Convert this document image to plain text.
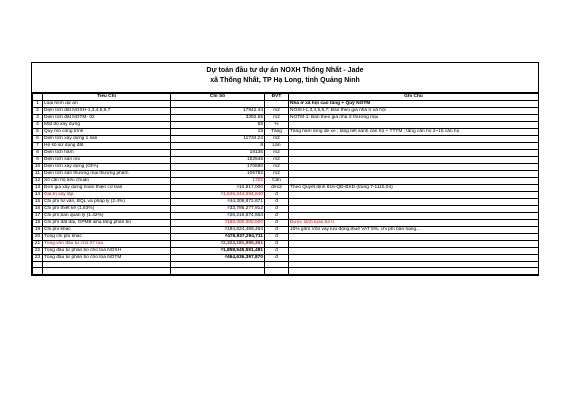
Dự toán đầu tư dự án NOXH Thống Nhất - Jade
xã Thống Nhất, TP Hạ Long, tỉnh Quảng Ninh
	Tiêu Chí	Chỉ Số	ĐVT	Ghi Chú
1	Loại hình dự án			Nhà ở xã hội cao tầng + Quỹ NOTM
2	Diện tích đất NOXH-1,3,4,5,6,7	17942.44	m2	NOXH-1,3,4,5,6,7: Bán theo giá nhà ở xã hội
3	Diện tích đất NOTM- 02	3392.55	m2	NOTM-1: Bán theo giá nhà ở thương mại
4	Mật độ xây dựng	55	%	
5	Quy mô công trình	15	Tầng	Tầng hầm lửng để xe ; tầng tiết sảnh căn hộ + TTTM ; tầng căn hộ 3~15 căn hộ
6	Diện tích xây dựng 1 sàn	11734.24	m2	
7	Hệ số sử dụng đất	8	Lần	
8	Diện tích hầm	18135	m2	
9	Diện tích sàn nổi	152545	m2	
10	Diện tích xây dựng (GFA)	170680	m2	
11	Diện tích sàn thương mại thương phẩm	106782	m2	
12	Số căn hộ tiêu chuẩn	1722	Căn	
13	Đơn giá xây dựng hoàn thiện cơ bản	₫10,817,000	đ/m2	Theo Quyết định 816-QĐ-BXD (trang 7-1110.04)
14	Giá trị xây lắp	₫1,846,244,694,640	đ	
15	Chi phí tư vấn, BQL và pháp lý (2.4%)	₫44,309,872,671	đ	
16	Chi phí thiết kế (1.83%)	₫33,786,277,912	đ	
17	Chi phí ban quản lý (1.42%)	₫26,216,674,664	đ	
18	Chi phí đất đai, GPMB &hạ tầng phân bổ	₫188,000,000,000	đ	Được tách toàn 53 tỉ
19	Chi phí khác	₫184,624,469,464	đ	10% gồm Vốn vay lưu động,thuế VAT 5%, chi phí bán hàng…
20	Tổng chi phí khác	₫476,937,294,711	đ	
21	Tổng vốn đầu tư cho 07 toà	₫2,323,181,989,351	đ	
22	Tổng đầu tư phân bổ cho toà NOXH	₫1,858,545,591,481	đ	
23	Tổng đầu tư phân bổ cho toà NOTM	₫464,636,397,870	đ	
